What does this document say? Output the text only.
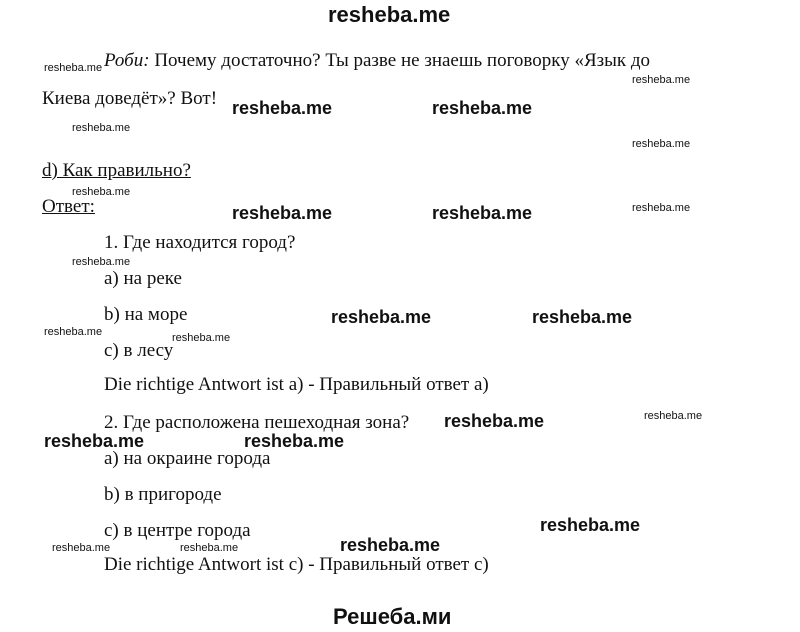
resheba.me
Решеба.ми
Роби: Почему достаточно? Ты разве не знаешь поговорку «Язык до
Киева доведёт»? Вот!
d) Как правильно?
Ответ:
1. Где находится город?
a) на реке
b) на море
c) в лесу
Die richtige Antwort ist a) - Правильный ответ a)
2. Где расположена пешеходная зона?
a) на окраине города
b) в пригороде
c) в центре города
Die richtige Antwort ist c) - Правильный ответ c)
resheba.me
resheba.me
resheba.me
resheba.me
resheba.me
resheba.me
resheba.me
resheba.me	resheba.me
resheba.me
resheba.me	resheba.me
resheba.me	resheba.me
resheba.me	resheba.me
resheba.me	resheba.me
resheba.me
resheba.me	resheba.me
resheba.me
resheba.me
